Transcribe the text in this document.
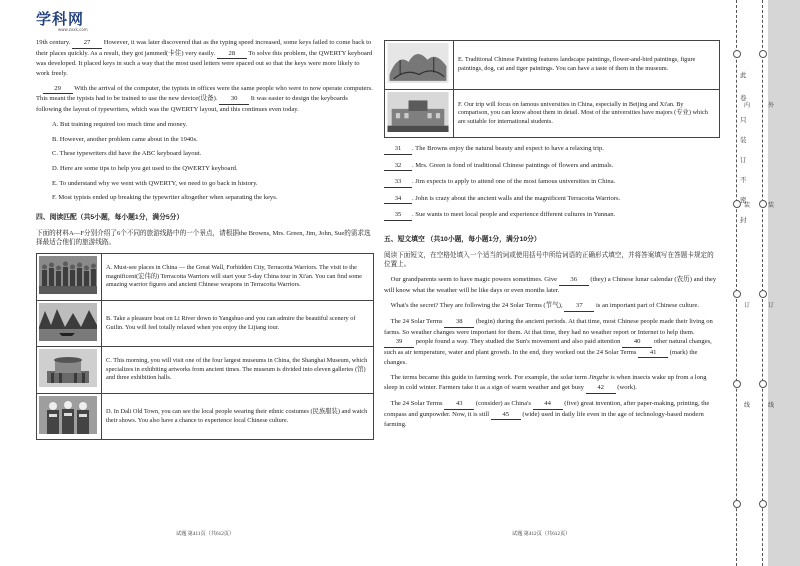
学科网
www.zxxk.com

19th century. 27 However, it was later discovered that as the typing speed increased, some keys failed to come back to their places quickly. As a result, they got jammed(卡住) very easily. 28 To solve this problem, the QWERTY keyboard was developed. It placed keys in such a way that the most used letters were spaced out so that the keys were more likely to work freely.

 29 With the arrival of the computer, the typists in offices were the same people who were to now operate computers. This meant the typists had to be trained to use the new device(设备). 30 It was easier to design the keyboards following the layout of typewriters, which was the QWERTY layout, and this continues even today.

A. But training required too much time and money.
B. However, another problem came about in the 1940s.
C. These typewriters did have the ABC keyboard layout.
D. Here are some tips to help you get used to the QWERTY keyboard.
E. To understand why we went with QWERTY, we need to go back in history.
F. Most typists ended up breaking the typewriter altogether when separating the keys.
四、阅读匹配（共5小题，每小题1分，满分5分）

下面的材料A—F分别介绍了6个不同的旅游线路中的一个景点，请根据the Browns, Mrs. Green, Jim, John, Sue的需求选择最适合他们的旅游线路。

	A. Must-see places in China — the Great Wall, Forbidden City, Terracotta Warriors. The visit to the magnificent(宏伟的) Terracotta Warriors will start your 5-day China tour in Xi'an. You can find some amazing warrior figures and ancient Chinese weapons in Terracotta Warriors.
	B. Take a pleasure boat on Li River down to Yangshuo and you can admire the beautiful scenery of Guilin. You will feel totally relaxed when you enjoy the Lijiang tour.
	C. This morning, you will visit one of the four largest museums in China, the Shanghai Museum, which specializes in exhibiting artworks from ancient times. The museum is divided into eleven galleries (馆) and three exhibition halls.
	D. In Dali Old Town, you can see the local people wearing their ethnic costumes (民族服装) and watch their shows. You also have a chance to experience local Chinese culture.
试题 第411页（共612页）
	E. Traditional Chinese Painting features landscape paintings, flower-and-bird paintings, figure paintings, dog, cat and tiger paintings. You can have a taste of them in the museum.
	F. Our trip will focus on famous universities in China, especially in Beijing and Xi'an. By comparison, you can know about them in detail. Most of the universities have majors (专业) which are suitable for international students.
31 . The Browns enjoy the natural beauty and expect to have a relaxing trip.
32 . Mrs. Green is fond of traditional Chinese paintings of flowers and animals.
33 . Jim expects to apply to attend one of the most famous universities in China.
34 . John is crazy about the ancient walls and the magnificent Terracotta Warriors.
35 . Sue wants to meet local people and experience different cultures in Yunnan.
五、短文填空 （共10小题，每小题1分，满分10分）

阅读下面短文，在空格处填入一个适当的词或使用括号中所给词语的正确形式填空，并将答案填写在答题卡规定的位置上。

 Our grandparents seem to have magic powers sometimes. Give 36 (they) a Chinese lunar calendar (农历) and they will know what the weather will be like days or even months later.

 What's the secret? They are following the 24 Solar Terms (节气), 37 is an important part of Chinese culture.

 The 24 Solar Terms 38 (begin) during the ancient periods. At that time, most Chinese people made their living on farms. So weather changes were important for them. At that time, they had no weather report or Internet to help them. 39 people found a way. They studied the Sun's movement and also paid attention 40 other natural changes, such as air temperature, water and plant growth. In the end, they worked out the 24 Solar Terms 41 (mark) the changes.

 The terms became this guide to farming work. For example, the solar term Jingzhe is when insects wake up from a long sleep in cold winter. Farmers take it as a sign of warm weather and get busy 42 (work).

 The 24 Solar Terms 43 (consider) as China's 44 (five) great invention, after paper-making, printing, the compass and gunpowder. Now, it is still 45 (wide) used in daily life even in the age of technology-based modern farming.

试题 第412页（共612页）
内
装
订
线
外
装
订
线
此
卷
只
装
订
不
密
封
